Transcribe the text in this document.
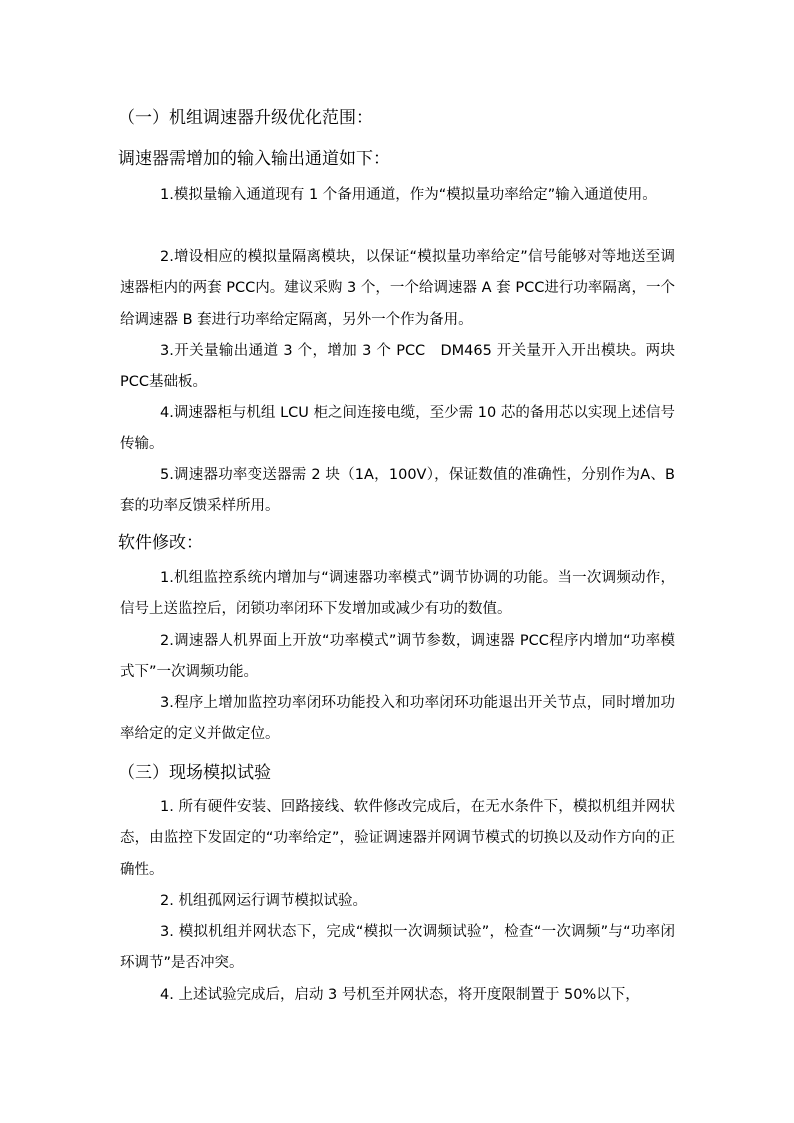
（一）机组调速器升级优化范围：
调速器需增加的输入输出通道如下：
1.模拟量输入通道现有 1 个备用通道，作为“模拟量功率给定”输入通道使用。
2.增设相应的模拟量隔离模块，以保证“模拟量功率给定”信号能够对等地送至调速器柜内的两套 PCC内。建议采购 3 个，一个给调速器 A 套 PCC进行功率隔离，一个给调速器 B 套进行功率给定隔离，另外一个作为备用。
3.开关量输出通道 3 个，增加 3 个 PCC　DM465 开关量开入开出模块。两块 PCC基础板。
4.调速器柜与机组 LCU 柜之间连接电缆，至少需 10 芯的备用芯以实现上述信号传输。
5.调速器功率变送器需 2 块（1A，100V），保证数值的准确性，分别作为A、B 套的功率反馈采样所用。
软件修改：
1.机组监控系统内增加与“调速器功率模式”调节协调的功能。当一次调频动作，信号上送监控后，闭锁功率闭环下发增加或减少有功的数值。
2.调速器人机界面上开放“功率模式”调节参数，调速器 PCC程序内增加“功率模式下”一次调频功能。
3.程序上增加监控功率闭环功能投入和功率闭环功能退出开关节点，同时增加功率给定的定义并做定位。
（三）现场模拟试验
1. 所有硬件安装、回路接线、软件修改完成后，在无水条件下，模拟机组并网状态，由监控下发固定的“功率给定”，验证调速器并网调节模式的切换以及动作方向的正确性。
2. 机组孤网运行调节模拟试验。
3. 模拟机组并网状态下，完成“模拟一次调频试验”，检查“一次调频”与“功率闭环调节”是否冲突。
4. 上述试验完成后，启动 3 号机至并网状态，将开度限制置于 50%以下，
